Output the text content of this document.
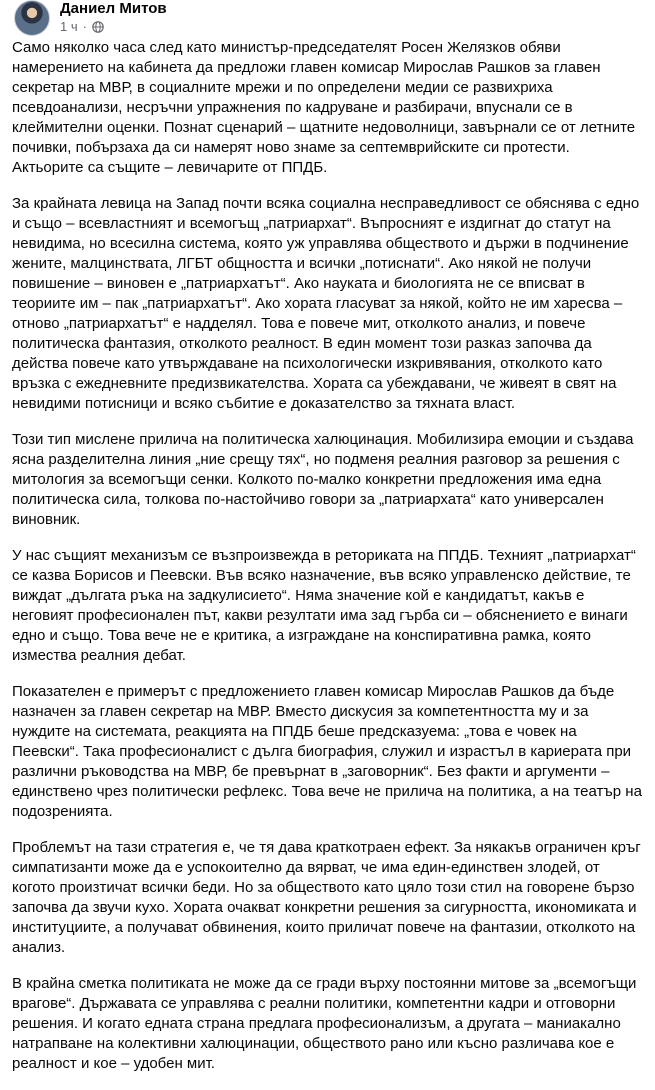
Даниел Митов
1 ч ·

Само няколко часа след като министър-председателят Росен Желязков обяви намерението на кабинета да предложи главен комисар Мирослав Рашков за главен секретар на МВР, в социалните мрежи и по определени медии се развихриха псевдоанализи, несръчни упражнения по кадруване и разбирачи, впуснали се в клеймителни оценки. Познат сценарий – щатните недоволници, завърнали се от летните почивки, побързаха да си намерят ново знаме за септемврийските си протести. Актьорите са същите – левичарите от ППДБ.

За крайната левица на Запад почти всяка социална несправедливост се обяснява с едно и също – всевластният и всемогъщ „патриархат“. Въпросният е издигнат до статут на невидима, но всесилна система, която уж управлява обществото и държи в подчинение жените, малцинствата, ЛГБТ общността и всички „потиснати“. Ако някой не получи повишение – виновен е „патриархатът“. Ако науката и биологията не се вписват в теориите им – пак „патриархатът“. Ако хората гласуват за някой, който не им харесва – отново „патриархатът“ е надделял. Това е повече мит, отколкото анализ, и повече политическа фантазия, отколкото реалност. В един момент този разказ започва да действа повече като утвърждаване на психологически изкривявания, отколкото като връзка с ежедневните предизвикателства. Хората са убеждавани, че живеят в свят на невидими потисници и всяко събитие е доказателство за тяхната власт.

Този тип мислене прилича на политическа халюцинация. Мобилизира емоции и създава ясна разделителна линия „ние срещу тях“, но подменя реалния разговор за решения с митология за всемогъщи сенки. Колкото по-малко конкретни предложения има една политическа сила, толкова по-настойчиво говори за „патриархата“ като универсален виновник.

У нас същият механизъм се възпроизвежда в реториката на ППДБ. Техният „патриархат“ се казва Борисов и Пеевски. Във всяко назначение, във всяко управленско действие, те виждат „дългата ръка на задкулисието“. Няма значение кой е кандидатът, какъв е неговият професионален път, какви резултати има зад гърба си – обяснението е винаги едно и също. Това вече не е критика, а изграждане на конспиративна рамка, която измества реалния дебат.

Показателен е примерът с предложението главен комисар Мирослав Рашков да бъде назначен за главен секретар на МВР. Вместо дискусия за компетентността му и за нуждите на системата, реакцията на ППДБ беше предсказуема: „това е човек на Пеевски“. Така професионалист с дълга биография, служил и израстъл в кариерата при различни ръководства на МВР, бе превърнат в „заговорник“. Без факти и аргументи – единствено чрез политически рефлекс. Това вече не прилича на политика, а на театър на подозренията.

Проблемът на тази стратегия е, че тя дава краткотраен ефект. За някакъв ограничен кръг симпатизанти може да е успокоително да вярват, че има един-единствен злодей, от когото произтичат всички беди. Но за обществото като цяло този стил на говорене бързо започва да звучи кухо. Хората очакват конкретни решения за сигурността, икономиката и институциите, а получават обвинения, които приличат повече на фантазии, отколкото на анализ.

В крайна сметка политиката не може да се гради върху постоянни митове за „всемогъщи врагове“. Държавата се управлява с реални политики, компетентни кадри и отговорни решения. И когато едната страна предлага професионализъм, а другата – маниакално натрапване на колективни халюцинации, обществото рано или късно различава кое е реалност и кое – удобен мит.
